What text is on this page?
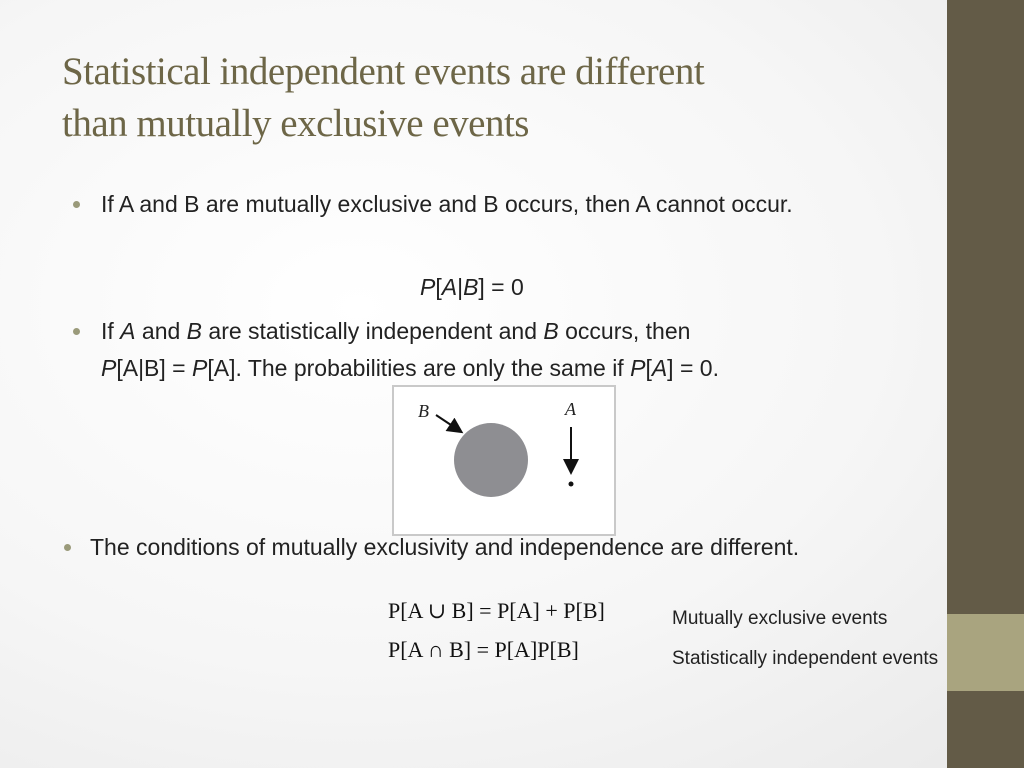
Statistical independent events are different
than mutually exclusive events
If A and B are mutually exclusive and B occurs, then A cannot occur.
P[A|B] = 0
If A and B are statistically independent and B occurs, then
P[A|B] = P[A]. The probabilities are only the same if P[A] = 0.
B	A
The conditions of mutually exclusivity and independence are different.
P[A ∪ B] = P[A] + P[B]
P[A ∩ B] = P[A]P[B]
Mutually exclusive events
Statistically independent events
